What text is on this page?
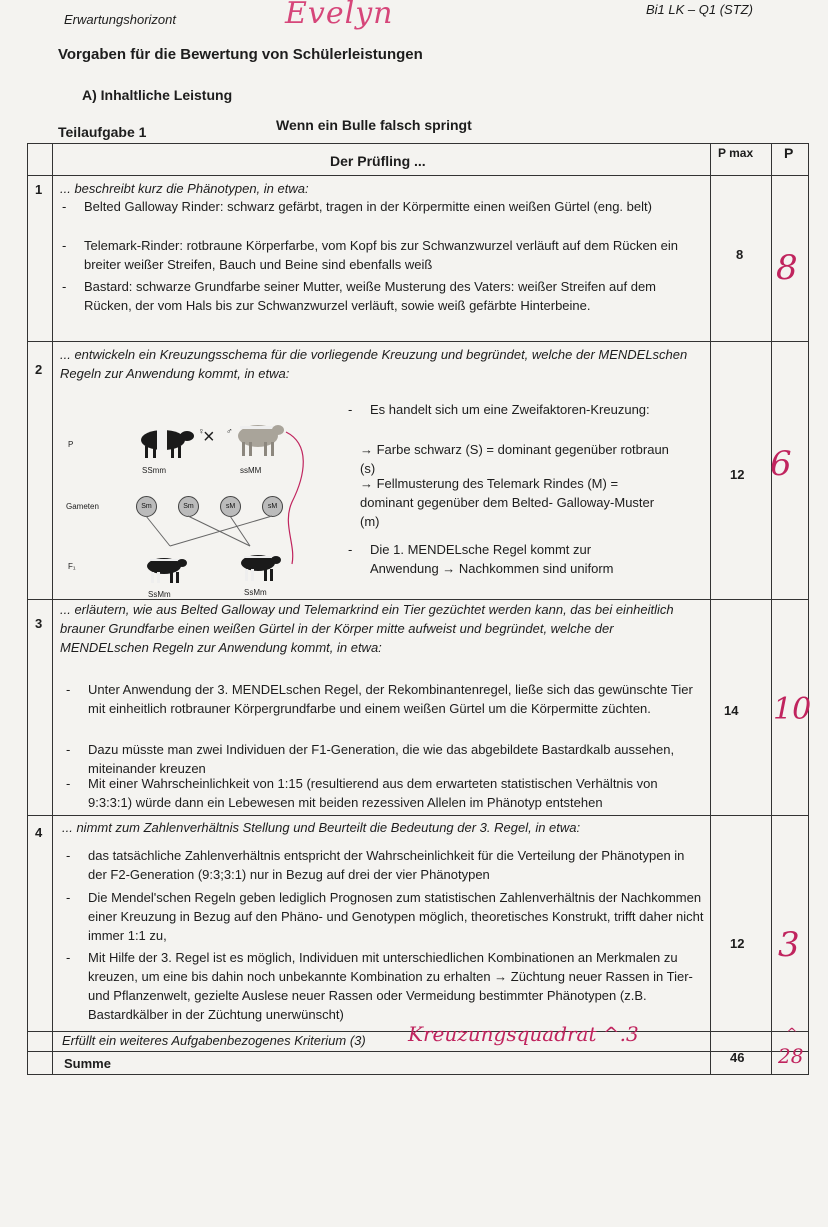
Erwartungshorizont
Bi1 LK – Q1 (STZ)
Evelyn
Vorgaben für die Bewertung von Schülerleistungen
A) Inhaltliche Leistung
Teilaufgabe 1	Wenn ein Bulle falsch springt
Der Prüfling ...	P max P
1 ... beschreibt kurz die Phänotypen, in etwa:
- Belted Galloway Rinder: schwarz gefärbt, tragen in der Körpermitte einen weißen Gürtel (eng. belt)
- Telemark-Rinder: rotbraune Körperfarbe, vom Kopf bis zur Schwanzwurzel verläuft auf dem Rücken ein breiter weißer Streifen, Bauch und Beine sind ebenfalls weiß
- Bastard: schwarze Grundfarbe seiner Mutter, weiße Musterung des Vaters: weißer Streifen auf dem Rücken, der vom Hals bis zur Schwanzwurzel verläuft, sowie weiß gefärbte Hinterbeine.
8 8
2
... entwickeln ein Kreuzungsschema für die vorliegende Kreuzung und begründet, welche der MENDELschen Regeln zur Anwendung kommt, in etwa:
- Es handelt sich um eine Zweifaktoren-Kreuzung:
→ Farbe schwarz (S) = dominant gegenüber rotbraun (s)
→ Fellmusterung des Telemark Rindes (M) = dominant gegenüber dem Belted- Galloway-Muster (m)
- Die 1. MENDELsche Regel kommt zur Anwendung → Nachkommen sind uniform
12 6
P
Gameten
F₁
♀
× ♂
SSmm	ssMM
Sm	Sm	sM	sM
SsMm	SsMm
3
... erläutern, wie aus Belted Galloway und Telemarkrind ein Tier gezüchtet werden kann, das bei einheitlich brauner Grundfarbe einen weißen Gürtel in der Körper mitte aufweist und begründet, welche der MENDELschen Regeln zur Anwendung kommt, in etwa:
- Unter Anwendung der 3. MENDELschen Regel, der Rekombinantenregel, ließe sich das gewünschte Tier mit einheitlich rotbrauner Körpergrundfarbe und einem weißen Gürtel um die Körpermitte züchten.
- Dazu müsste man zwei Individuen der F1-Generation, die wie das abgebildete Bastardkalb aussehen, miteinander kreuzen
- Mit einer Wahrscheinlichkeit von 1:15 (resultierend aus dem erwarteten statistischen Verhältnis von 9:3:3:1) würde dann ein Lebewesen mit beiden rezessiven Allelen im Phänotyp entstehen
14 10
4 ... nimmt zum Zahlenverhältnis Stellung und Beurteilt die Bedeutung der 3. Regel, in etwa:
- das tatsächliche Zahlenverhältnis entspricht der Wahrscheinlichkeit für die Verteilung der Phänotypen in der F2-Generation (9:3;3:1) nur in Bezug auf drei der vier Phänotypen
- Die Mendel'schen Regeln geben lediglich Prognosen zum statistischen Zahlenverhältnis der Nachkommen einer Kreuzung in Bezug auf den Phäno- und Genotypen möglich, theoretisches Konstrukt, trifft daher nicht immer 1:1 zu,
- Mit Hilfe der 3. Regel ist es möglich, Individuen mit unterschiedlichen Kombinationen an Merkmalen zu kreuzen, um eine bis dahin noch unbekannte Kombination zu erhalten → Züchtung neuer Rassen in Tier- und Pflanzenwelt, gezielte Auslese neuer Rassen oder Vermeidung bestimmter Phänotypen (z.B. Bastardkälber in der Züchtung unerwünscht)
12 3
Erfüllt ein weiteres Aufgabenbezogenes Kriterium (3)	Kreuzungsquadrat ^.3	^
Summe	46 28
